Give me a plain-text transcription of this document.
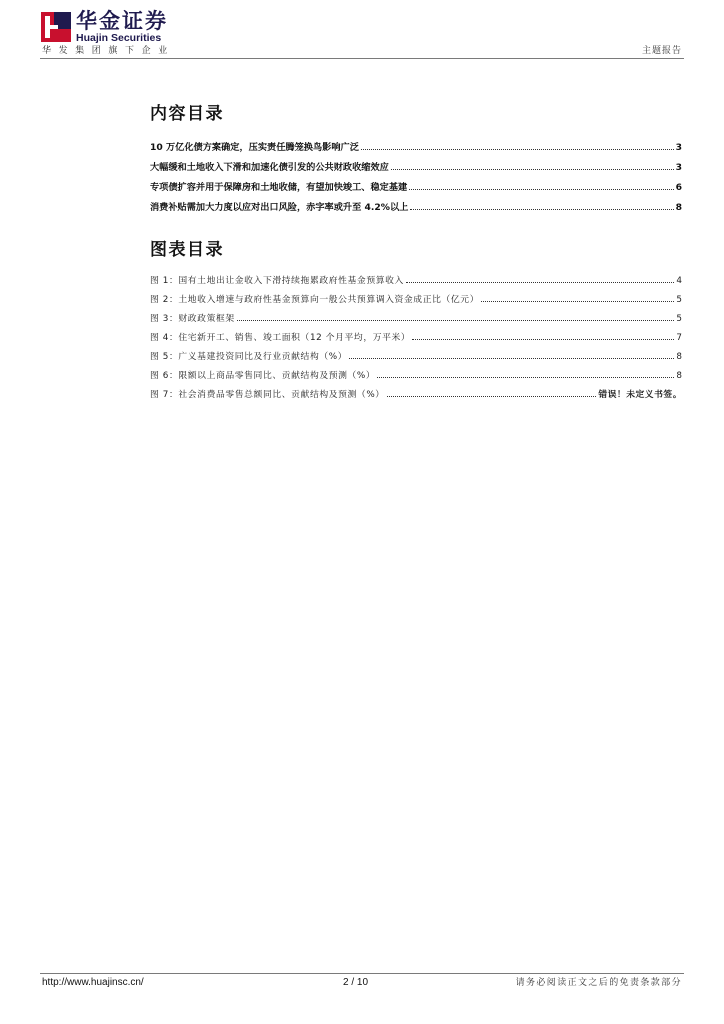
华金证券
Huajin Securities
华发集团旗下企业	主题报告
内容目录
10 万亿化债方案确定，压实责任腾笼换鸟影响广泛	3
大幅缓和土地收入下滑和加速化债引发的公共财政收缩效应	3
专项债扩容并用于保障房和土地收储，有望加快竣工、稳定基建	6
消费补贴需加大力度以应对出口风险，赤字率或升至 4.2%以上	8
图表目录
图 1：国有土地出让金收入下滑持续拖累政府性基金预算收入	4
图 2：土地收入增速与政府性基金预算向一般公共预算调入资金成正比（亿元）	5
图 3：财政政策框架	5
图 4：住宅新开工、销售、竣工面积（12 个月平均，万平米）	7
图 5：广义基建投资同比及行业贡献结构（%）	8
图 6：限额以上商品零售同比、贡献结构及预测（%）	8
图 7：社会消费品零售总额同比、贡献结构及预测（%）	错误！未定义书签。
http://www.huajinsc.cn/	2 / 10	请务必阅读正文之后的免责条款部分
